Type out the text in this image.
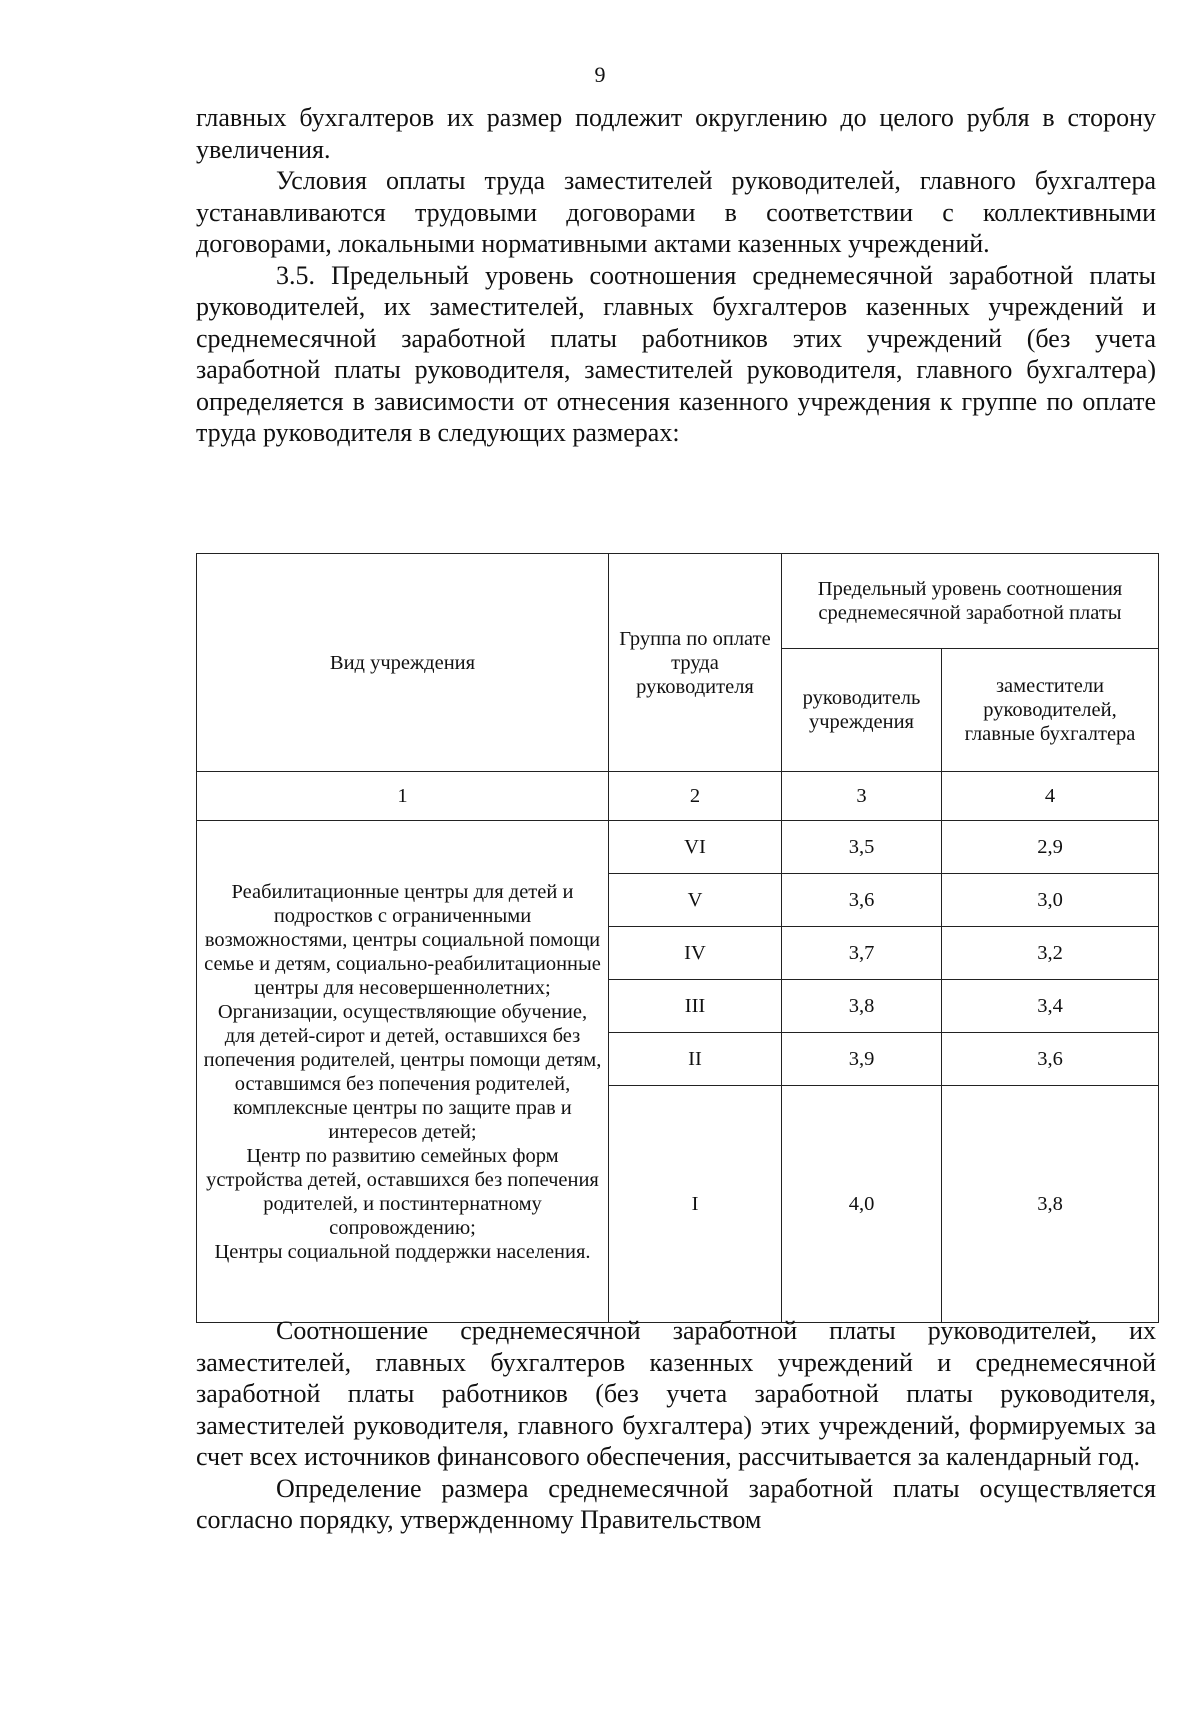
9

главных бухгалтеров их размер подлежит округлению до целого рубля в сторону увеличения.

Условия оплаты труда заместителей руководителей, главного бухгалтера устанавливаются трудовыми договорами в соответствии с коллективными договорами, локальными нормативными актами казенных учреждений.

3.5. Предельный уровень соотношения среднемесячной заработной платы руководителей, их заместителей, главных бухгалтеров казенных учреждений и среднемесячной заработной платы работников этих учреждений (без учета заработной платы руководителя, заместителей руководителя, главного бухгалтера) определяется в зависимости от отнесения казенного учреждения к группе по оплате труда руководителя в следующих размерах:

Вид учреждения	Группа по оплате труда руководителя	Предельный уровень соотношения среднемесячной заработной платы	
		руководитель учреждения	заместители руководителей, главные бухгалтера
1	2	3	4

Реабилитационные центры для детей и подростков с ограниченными возможностями, центры социальной помощи семье и детям, социально-реабилитационные центры для несовершеннолетних;
Организации, осуществляющие обучение, для детей-сирот и детей, оставшихся без попечения родителей, центры помощи детям, оставшимся без попечения родителей, комплексные центры по защите прав и интересов детей;
Центр по развитию семейных форм устройства детей, оставшихся без попечения родителей, и постинтернатному сопровождению;
Центры социальной поддержки населения.	VI	3,5	2,9
	V	3,6	3,0
	IV	3,7	3,2
	III	3,8	3,4
	II	3,9	3,6
	I	4,0	3,8

Соотношение среднемесячной заработной платы руководителей, их заместителей, главных бухгалтеров казенных учреждений и среднемесячной заработной платы работников (без учета заработной платы руководителя, заместителей руководителя, главного бухгалтера) этих учреждений, формируемых за счет всех источников финансового обеспечения, рассчитывается за календарный год.

Определение размера среднемесячной заработной платы осуществляется согласно порядку, утвержденному Правительством
